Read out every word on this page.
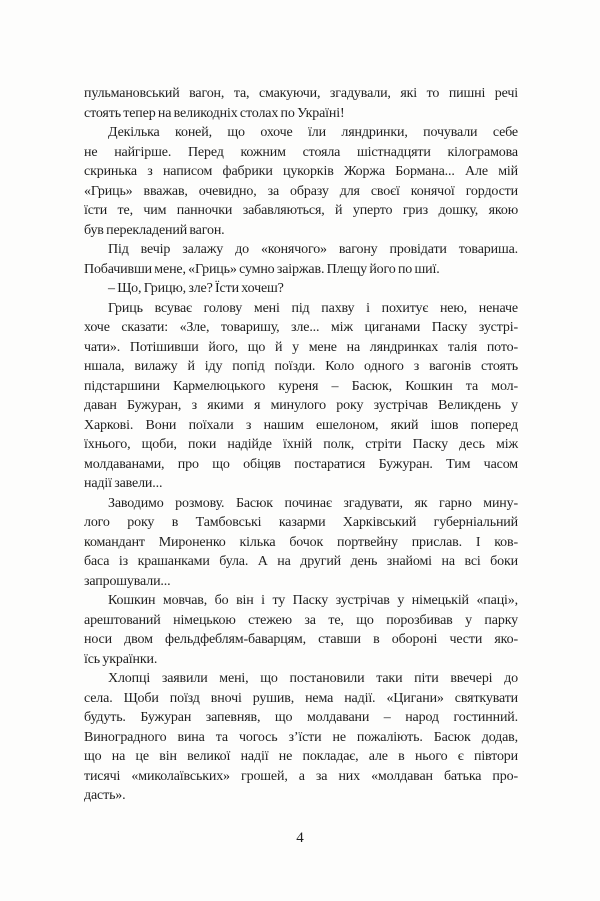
пульмановський вагон, та, смакуючи, згадували, які то пишні речі
стоять тепер на великодніх столах по Україні!
Декілька коней, що охоче їли ляндринки, почували себе
не найгірше. Перед кожним стояла шістнадцяти кілограмова
скринька з написом фабрики цукорків Жоржа Бормана... Але мій
«Гриць» вважав, очевидно, за образу для своєї конячої гордости
їсти те, чим панночки забавляються, й уперто гриз дошку, якою
був перекладений вагон.
Під вечір залажу до «конячого» вагону провідати товариша.
Побачивши мене, «Гриць» сумно заіржав. Плещу його по шиї.
– Що, Грицю, зле? Їсти хочеш?
Гриць всуває голову мені під пахву і похитує нею, неначе
хоче сказати: «Зле, товаришу, зле... між циганами Паску зустрі-
чати». Потішивши його, що й у мене на ляндринках талія пото-
ншала, вилажу й іду попід поїзди. Коло одного з вагонів стоять
підстаршини Кармелюцького куреня – Басюк, Кошкин та мол-
даван Бужуран, з якими я минулого року зустрічав Великдень у
Харкові. Вони поїхали з нашим ешелоном, який ішов поперед
їхнього, щоби, поки надійде їхній полк, стріти Паску десь між
молдаванами, про що обіцяв постаратися Бужуран. Тим часом
надії завели...
Заводимо розмову. Басюк починає згадувати, як гарно мину-
лого року в Тамбовські казарми Харківський губерніальний
командант Мироненко кілька бочок портвейну прислав. І ков-
баса із крашанками була. А на другий день знайомі на всі боки
запрошували...
Кошкин мовчав, бо він і ту Паску зустрічав у німецькій «паці»,
арештований німецькою стежею за те, що порозбивав у парку
носи двом фельдфеблям-баварцям, ставши в обороні чести яко-
їсь українки.
Хлопці заявили мені, що постановили таки піти ввечері до
села. Щоби поїзд вночі рушив, нема надії. «Цигани» святкувати
будуть. Бужуран запевняв, що молдавани – народ гостинний.
Виноградного вина та чогось з’їсти не пожаліють. Басюк додав,
що на це він великої надії не покладає, але в нього є півтори
тисячі «миколаївських» грошей, а за них «молдаван батька про-
дасть».
4
